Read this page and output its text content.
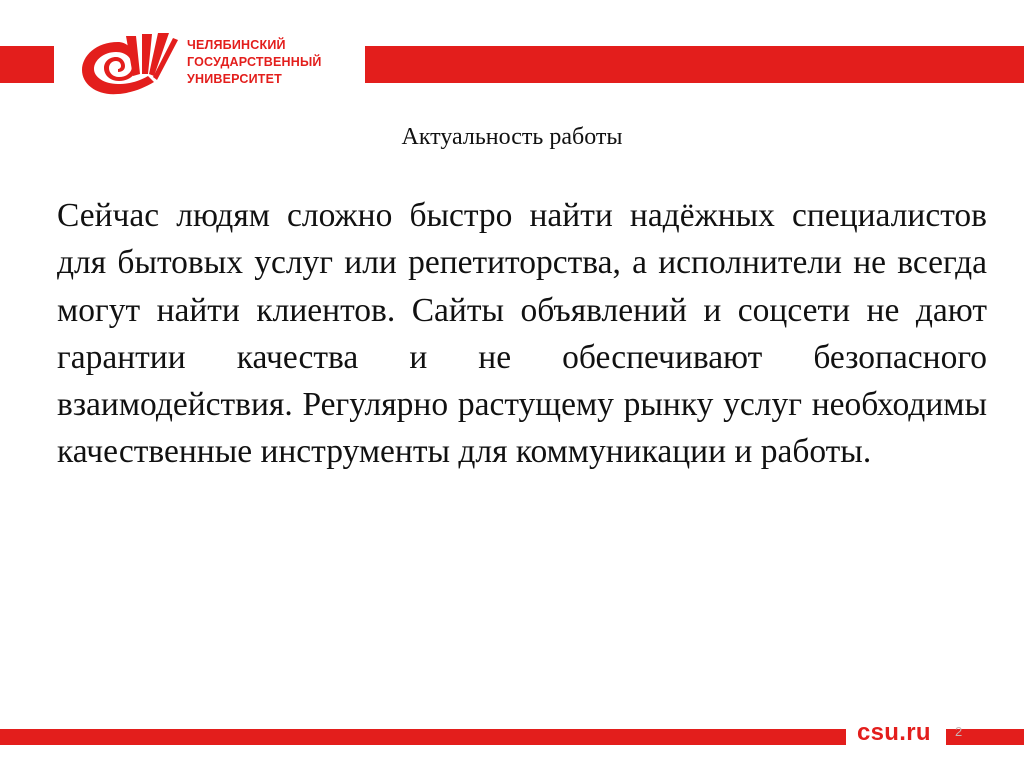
ЧЕЛЯБИНСКИЙ
ГОСУДАРСТВЕННЫЙ
УНИВЕРСИТЕТ
Актуальность работы
Сейчас людям сложно быстро найти надёжных специалистов для бытовых услуг или репетиторства, а исполнители не всегда могут найти клиентов. Сайты объявлений и соцсети не дают гарантии качества и не обеспечивают безопасного взаимодействия. Регулярно растущему рынку услуг необходимы качественные инструменты для коммуникации и работы.
csu.ru 2
